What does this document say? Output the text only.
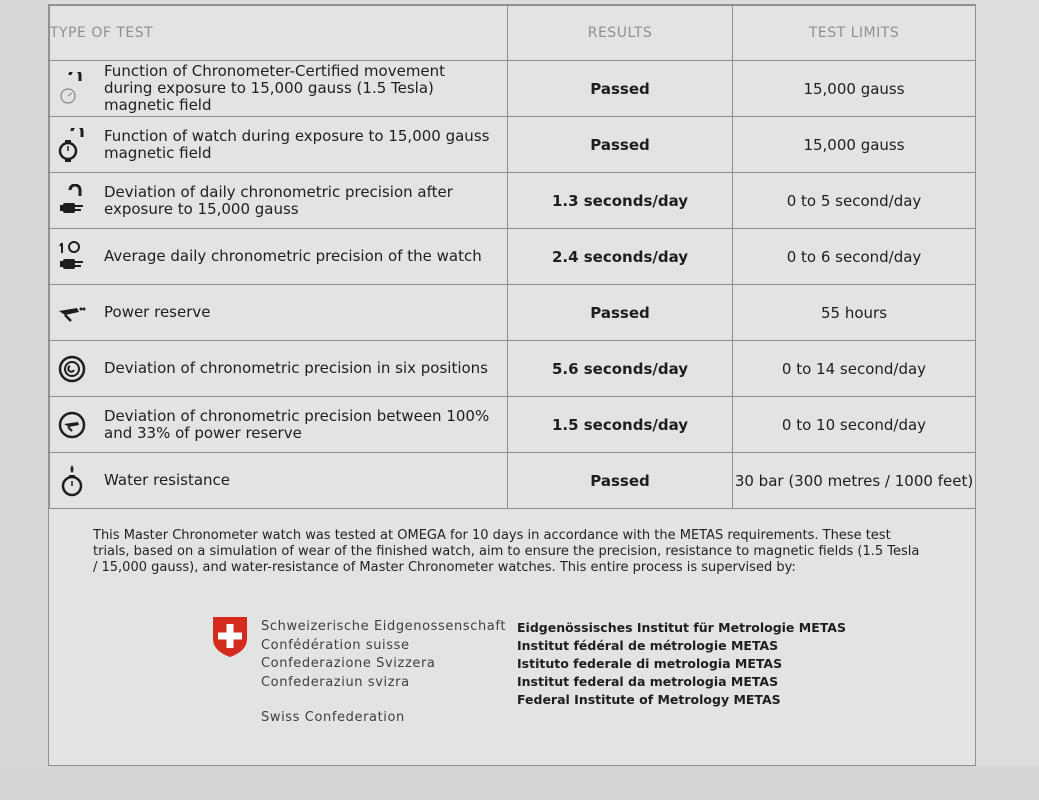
TYPE OF TEST	RESULTS	TEST LIMITS

Function of Chronometer-Certified movement during exposure to 15,000 gauss (1.5 Tesla) magnetic field	Passed	15,000 gauss

Function of watch during exposure to 15,000 gauss magnetic field	Passed	15,000 gauss

Deviation of daily chronometric precision after exposure to 15,000 gauss	1.3 seconds/day	0 to 5 second/day

Average daily chronometric precision of the watch	2.4 seconds/day	0 to 6 second/day

Power reserve	Passed	55 hours

Deviation of chronometric precision in six positions	5.6 seconds/day	0 to 14 second/day

Deviation of chronometric precision between 100% and 33% of power reserve	1.5 seconds/day	0 to 10 second/day

Water resistance	Passed	30 bar (300 metres / 1000 feet)
This Master Chronometer watch was tested at OMEGA for 10 days in accordance with the METAS requirements. These test trials, based on a simulation of wear of the finished watch, aim to ensure the precision, resistance to magnetic fields (1.5 Tesla / 15,000 gauss), and water-resistance of Master Chronometer watches. This entire process is supervised by:
Schweizerische Eidgenossenschaft
Confédération suisse
Confederazione Svizzera
Confederaziun svizra
Swiss Confederation
Eidgenössisches Institut für Metrologie METAS
Institut fédéral de métrologie METAS
Istituto federale di metrologia METAS
Institut federal da metrologia METAS
Federal Institute of Metrology METAS
